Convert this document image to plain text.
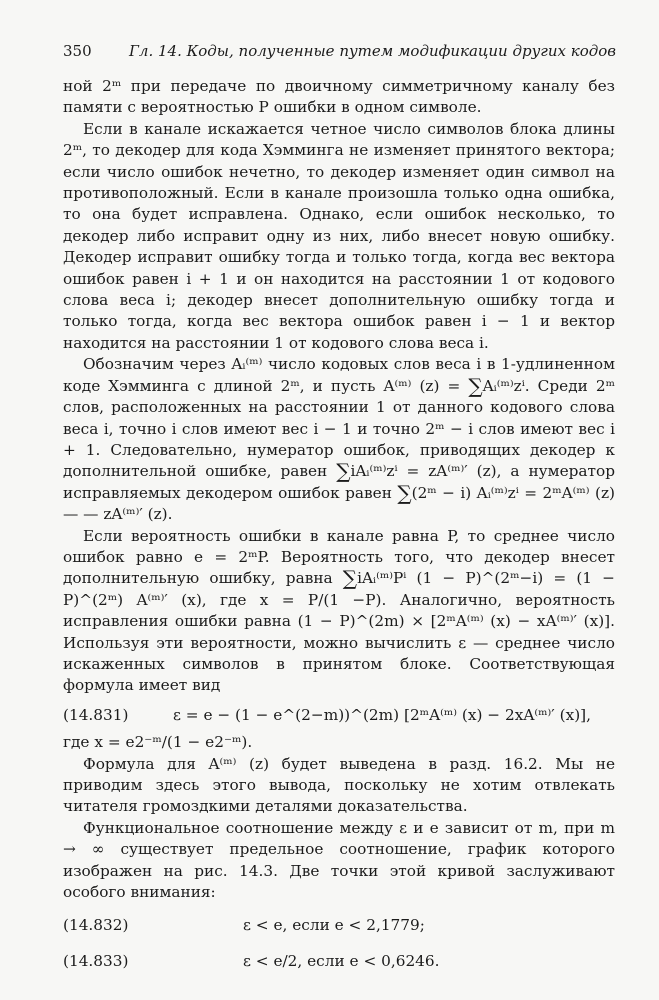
350 Гл. 14. Коды, полученные путем модификации других кодов

ной 2ᵐ при передаче по двоичному симметричному каналу без памяти с вероятностью P ошибки в одном символе.

Если в канале искажается четное число символов блока длины 2ᵐ, то декодер для кода Хэмминга не изменяет принятого вектора; если число ошибок нечетно, то декодер изменяет один символ на противоположный. Если в канале произошла только одна ошибка, то она будет исправлена. Однако, если ошибок несколько, то декодер либо исправит одну из них, либо внесет новую ошибку. Декодер исправит ошибку тогда и только тогда, когда вес вектора ошибок равен i + 1 и он находится на расстоянии 1 от кодового слова веса i; декодер внесет дополнительную ошибку тогда и только тогда, когда вес вектора ошибок равен i − 1 и вектор находится на расстоянии 1 от кодового слова веса i.

Обозначим через Aᵢ⁽ᵐ⁾ число кодовых слов веса i в 1-удлиненном коде Хэмминга с длиной 2ᵐ, и пусть A⁽ᵐ⁾ (z) = ∑Aᵢ⁽ᵐ⁾zⁱ. Среди 2ᵐ слов, расположенных на расстоянии 1 от данного кодового слова веса i, точно i слов имеют вес i − 1 и точно 2ᵐ − i слов имеют вес i + 1. Следовательно, нумератор ошибок, приводящих декодер к дополнительной ошибке, равен ∑iAᵢ⁽ᵐ⁾zⁱ = zA⁽ᵐ⁾′ (z), а нумератор исправляемых декодером ошибок равен ∑(2ᵐ − i) Aᵢ⁽ᵐ⁾zⁱ = 2ᵐA⁽ᵐ⁾ (z)— — zA⁽ᵐ⁾′ (z).

Если вероятность ошибки в канале равна P, то среднее число ошибок равно e = 2ᵐP. Вероятность того, что декодер внесет дополнительную ошибку, равна ∑iAᵢ⁽ᵐ⁾Pⁱ (1 − P)^(2ᵐ−i) = (1 − P)^(2ᵐ) A⁽ᵐ⁾′ (x), где x = P/(1 −P). Аналогично, вероятность исправления ошибки равна (1 − P)^(2m) × [2ᵐA⁽ᵐ⁾ (x) − xA⁽ᵐ⁾′ (x)]. Используя эти вероятности, можно вычислить ε — среднее число искаженных символов в принятом блоке. Соответствующая формула имеет вид

(14.831)	ε = e − (1 − e^(2−m))^(2m) [2ᵐA⁽ᵐ⁾ (x) − 2xA⁽ᵐ⁾′ (x)],

где x = e2⁻ᵐ/(1 − e2⁻ᵐ).

Формула для A⁽ᵐ⁾ (z) будет выведена в разд. 16.2. Мы не приводим здесь этого вывода, поскольку не хотим отвлекать читателя громоздкими деталями доказательства.

Функциональное соотношение между ε и e зависит от m, при m → ∞ существует предельное соотношение, график которого изображен на рис. 14.3. Две точки этой кривой заслуживают особого внимания:

(14.832)	ε < e, если e < 2,1779;
(14.833)	ε < e/2, если e < 0,6246.
